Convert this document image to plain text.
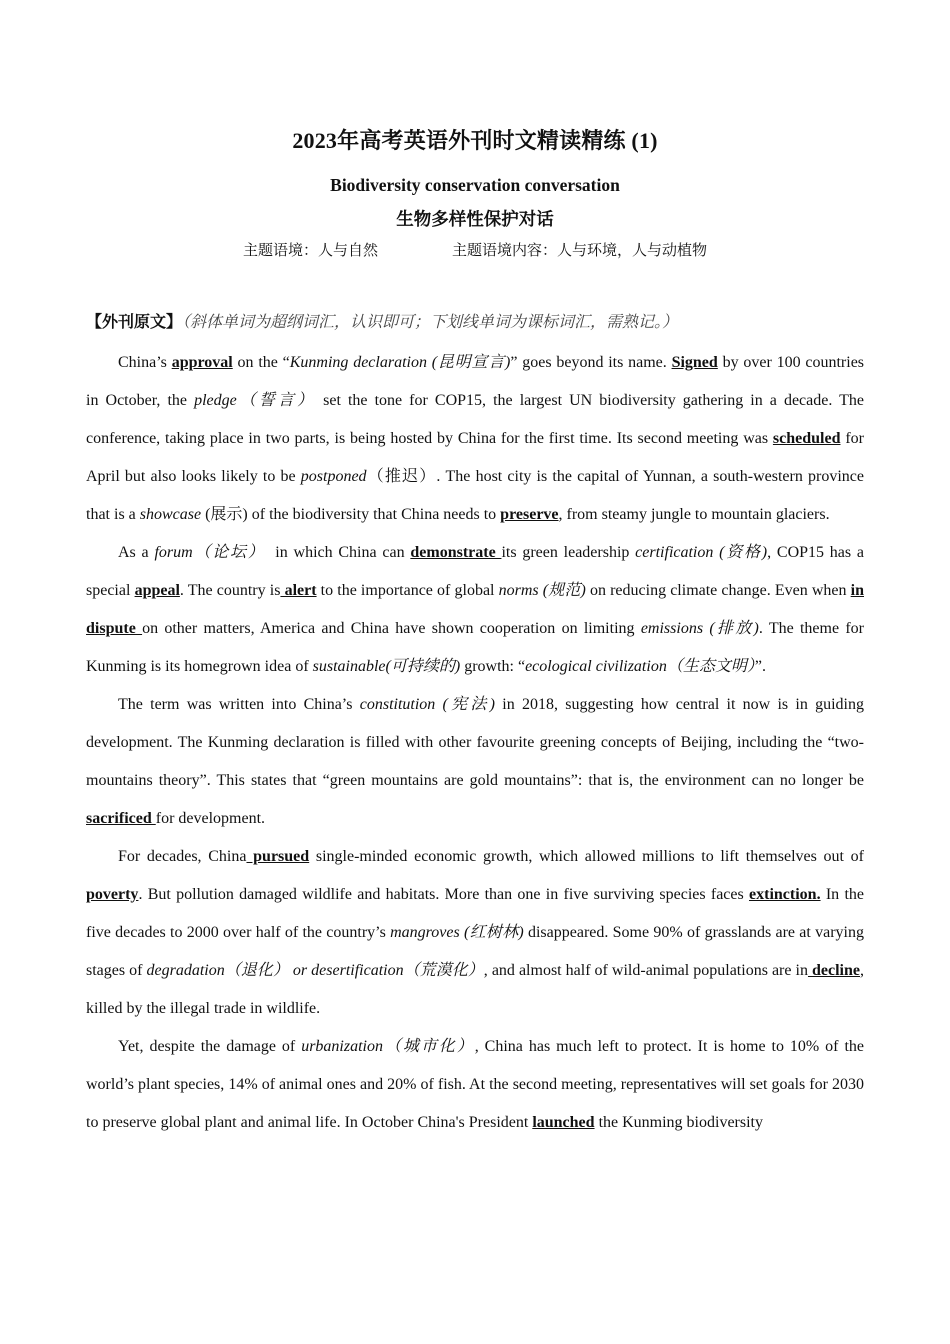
2023年高考英语外刊时文精读精练 (1)
Biodiversity conservation conversation
生物多样性保护对话
主题语境：人与自然	主题语境内容：人与环境，人与动植物
【外刊原文】（斜体单词为超纲词汇，认识即可；下划线单词为课标词汇，需熟记。）

China’s approval on the “Kunming declaration (昆明宣言)” goes beyond its name. Signed by over 100 countries in October, the pledge（誓言） set the tone for COP15, the largest UN biodiversity gathering in a decade. The conference, taking place in two parts, is being hosted by China for the first time. Its second meeting was scheduled for April but also looks likely to be postponed（推迟）. The host city is the capital of Yunnan, a south-western province that is a showcase (展示) of the biodiversity that China needs to preserve, from steamy jungle to mountain glaciers.

As a forum（论坛）　in which China can demonstrate its green leadership certification (资格), COP15 has a special appeal. The country is alert to the importance of global norms (规范) on reducing climate change. Even when in dispute on other matters, America and China have shown cooperation on limiting emissions (排放). The theme for Kunming is its homegrown idea of sustainable(可持续的) growth: “ecological civilization（生态文明）”.

The term was written into China’s constitution (宪法) in 2018, suggesting how central it now is in guiding development. The Kunming declaration is filled with other favourite greening concepts of Beijing, including the “two-mountains theory”. This states that “green mountains are gold mountains”: that is, the environment can no longer be sacrificed for development.

For decades, China pursued single-minded economic growth, which allowed millions to lift themselves out of poverty. But pollution damaged wildlife and habitats. More than one in five surviving species faces extinction. In the five decades to 2000 over half of the country’s mangroves (红树林) disappeared. Some 90% of grasslands are at varying stages of degradation（退化） or desertification（荒漠化）, and almost half of wild-animal populations are in decline, killed by the illegal trade in wildlife.

Yet, despite the damage of urbanization（城市化）, China has much left to protect. It is home to 10% of the world’s plant species, 14% of animal ones and 20% of fish. At the second meeting, representatives will set goals for 2030 to preserve global plant and animal life. In October China's President launched the Kunming biodiversity
